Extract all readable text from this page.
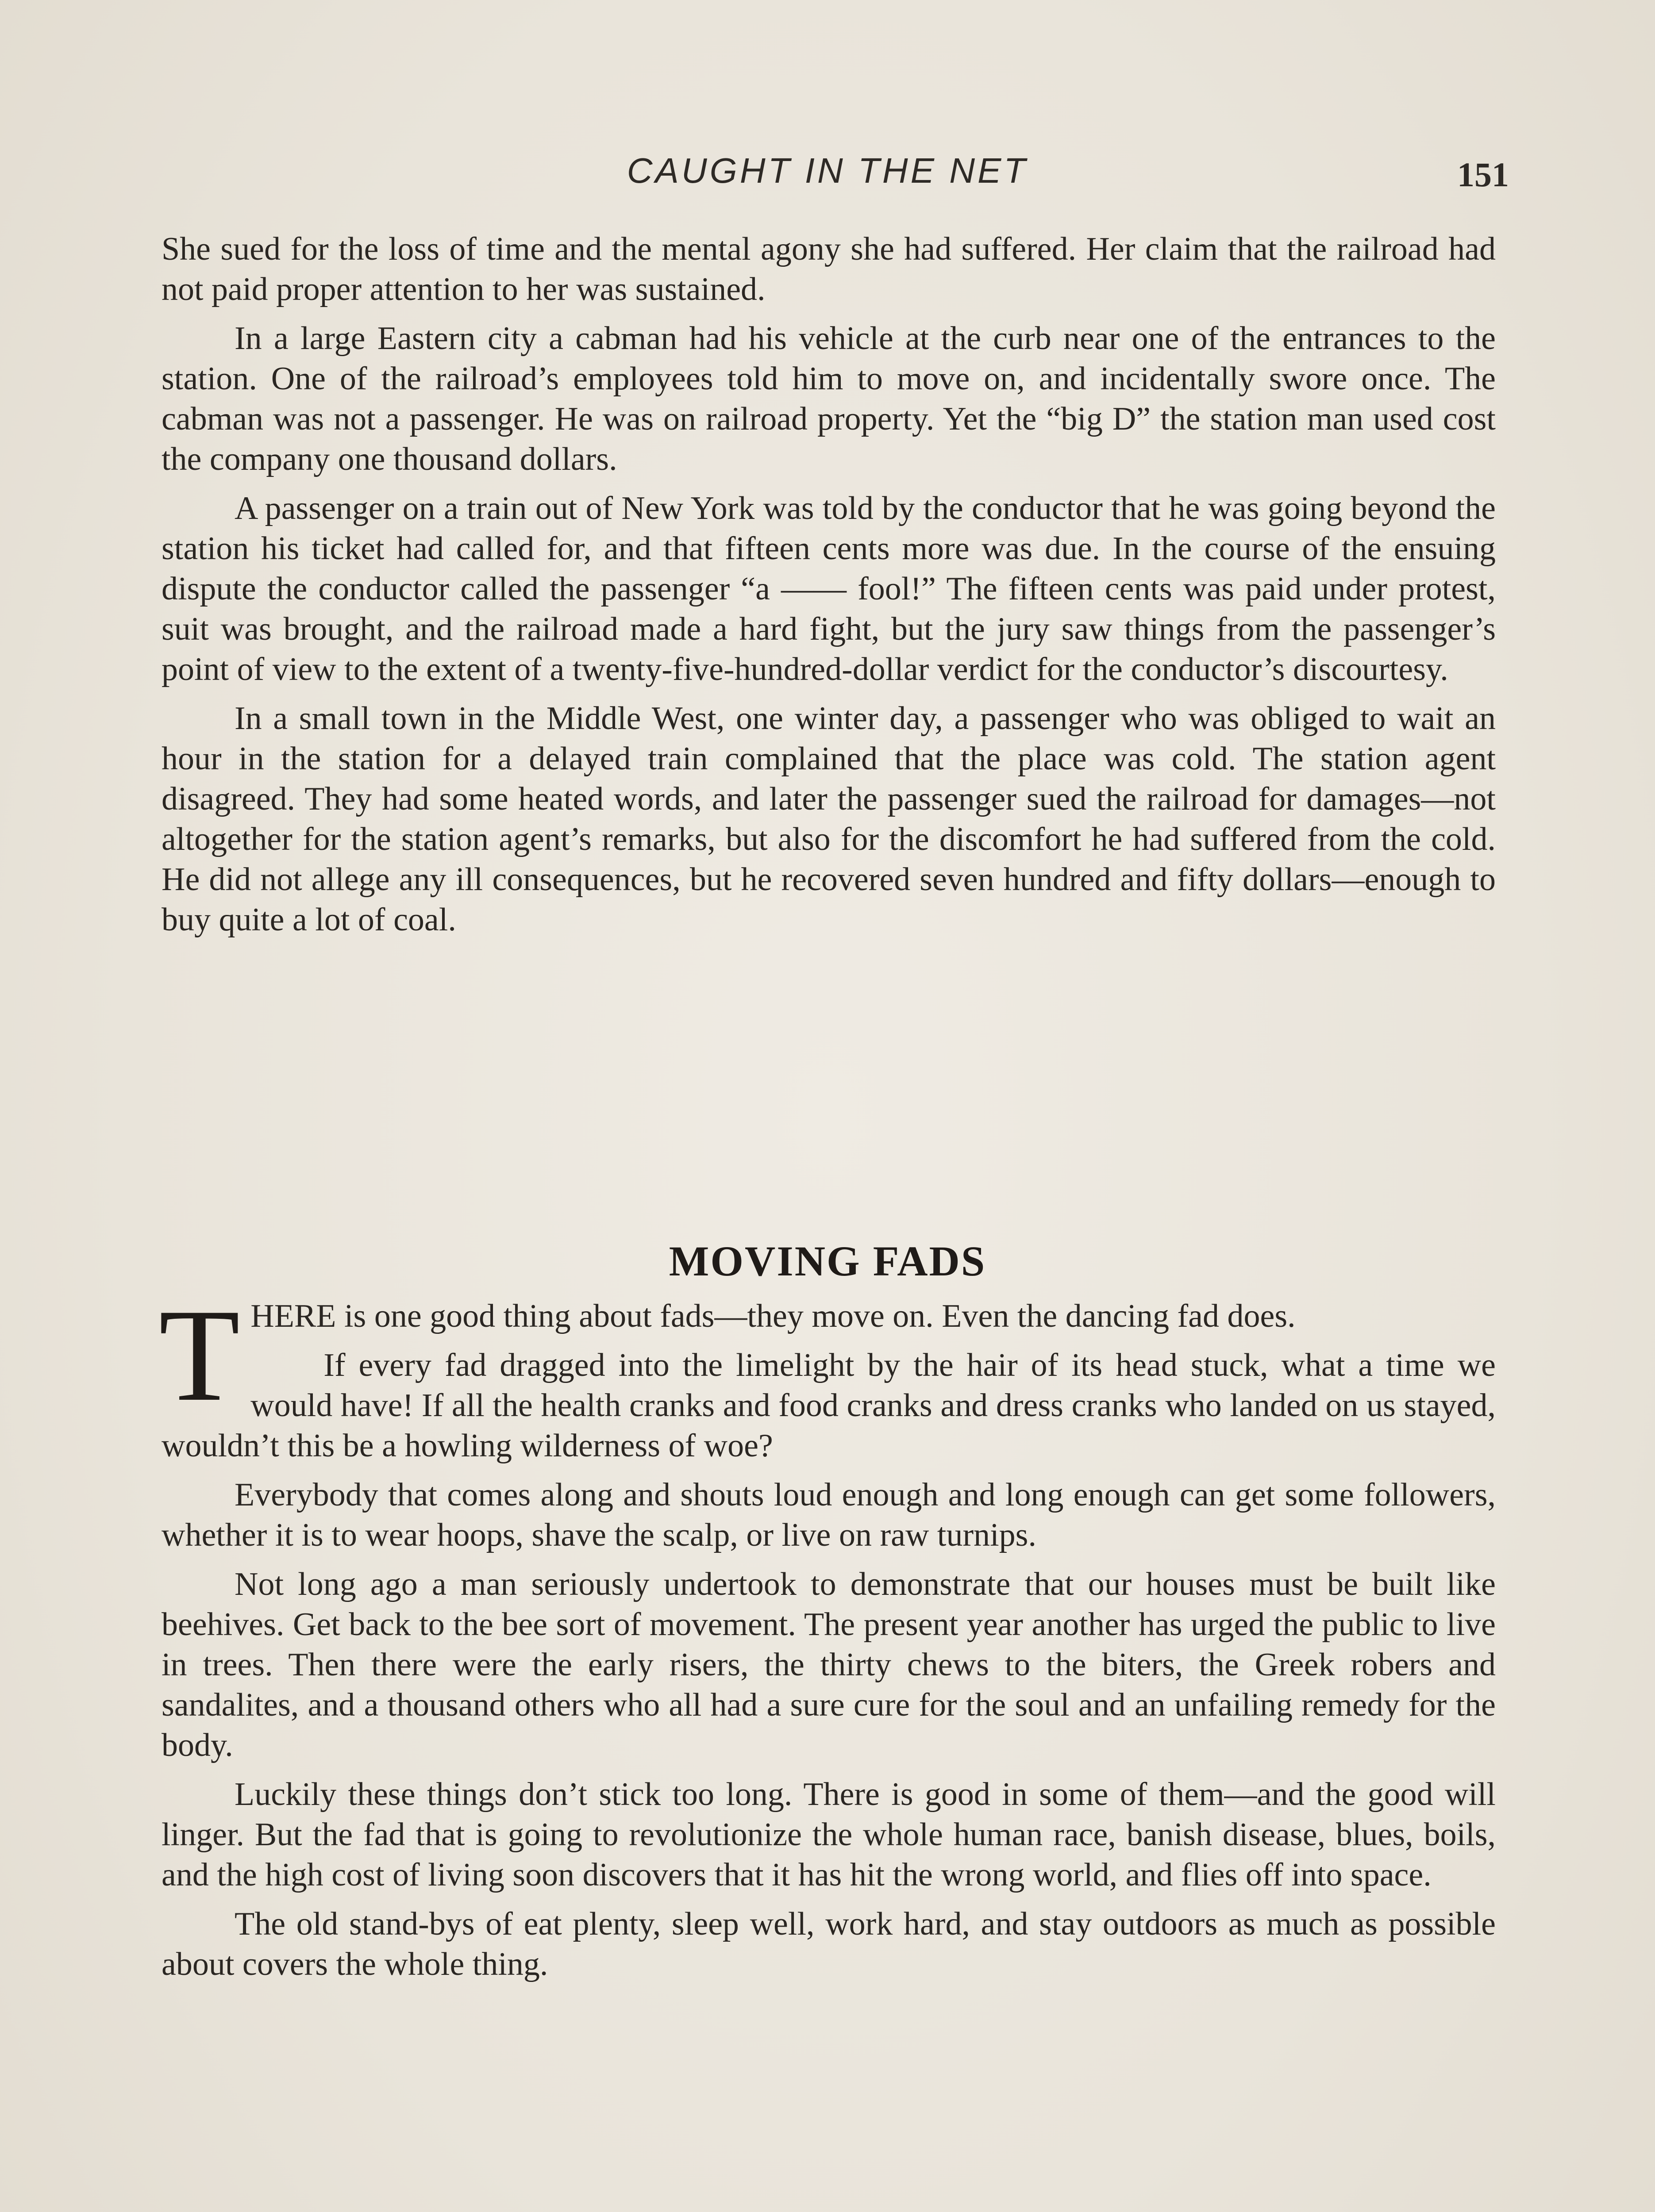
CAUGHT IN THE NET	151

She sued for the loss of time and the mental agony she had suffered. Her claim that the railroad had not paid proper attention to her was sustained.

In a large Eastern city a cabman had his vehicle at the curb near one of the entrances to the station. One of the railroad’s employees told him to move on, and incidentally swore once. The cabman was not a passenger. He was on railroad property. Yet the “big D” the station man used cost the company one thousand dollars.

A passenger on a train out of New York was told by the conductor that he was going beyond the station his ticket had called for, and that fifteen cents more was due. In the course of the ensuing dispute the conductor called the passenger “a —— fool!” The fifteen cents was paid under protest, suit was brought, and the railroad made a hard fight, but the jury saw things from the passenger’s point of view to the extent of a twenty-five-hundred-dollar verdict for the conductor’s discourtesy.

In a small town in the Middle West, one winter day, a passenger who was obliged to wait an hour in the station for a delayed train complained that the place was cold. The station agent disagreed. They had some heated words, and later the passenger sued the railroad for damages—not altogether for the station agent’s remarks, but also for the discomfort he had suffered from the cold. He did not allege any ill consequences, but he recovered seven hundred and fifty dollars—enough to buy quite a lot of coal.

MOVING FADS
T HERE is one good thing about fads—they move on. Even the dancing fad does.

If every fad dragged into the limelight by the hair of its head stuck, what a time we would have! If all the health cranks and food cranks and dress cranks who landed on us stayed, wouldn’t this be a howling wilderness of woe?

Everybody that comes along and shouts loud enough and long enough can get some followers, whether it is to wear hoops, shave the scalp, or live on raw turnips.

Not long ago a man seriously undertook to demonstrate that our houses must be built like beehives. Get back to the bee sort of movement. The present year another has urged the public to live in trees. Then there were the early risers, the thirty chews to the biters, the Greek robers and sandalites, and a thousand others who all had a sure cure for the soul and an unfailing remedy for the body.

Luckily these things don’t stick too long. There is good in some of them—and the good will linger. But the fad that is going to revolutionize the whole human race, banish disease, blues, boils, and the high cost of living soon discovers that it has hit the wrong world, and flies off into space.

The old stand-bys of eat plenty, sleep well, work hard, and stay outdoors as much as possible about covers the whole thing.
